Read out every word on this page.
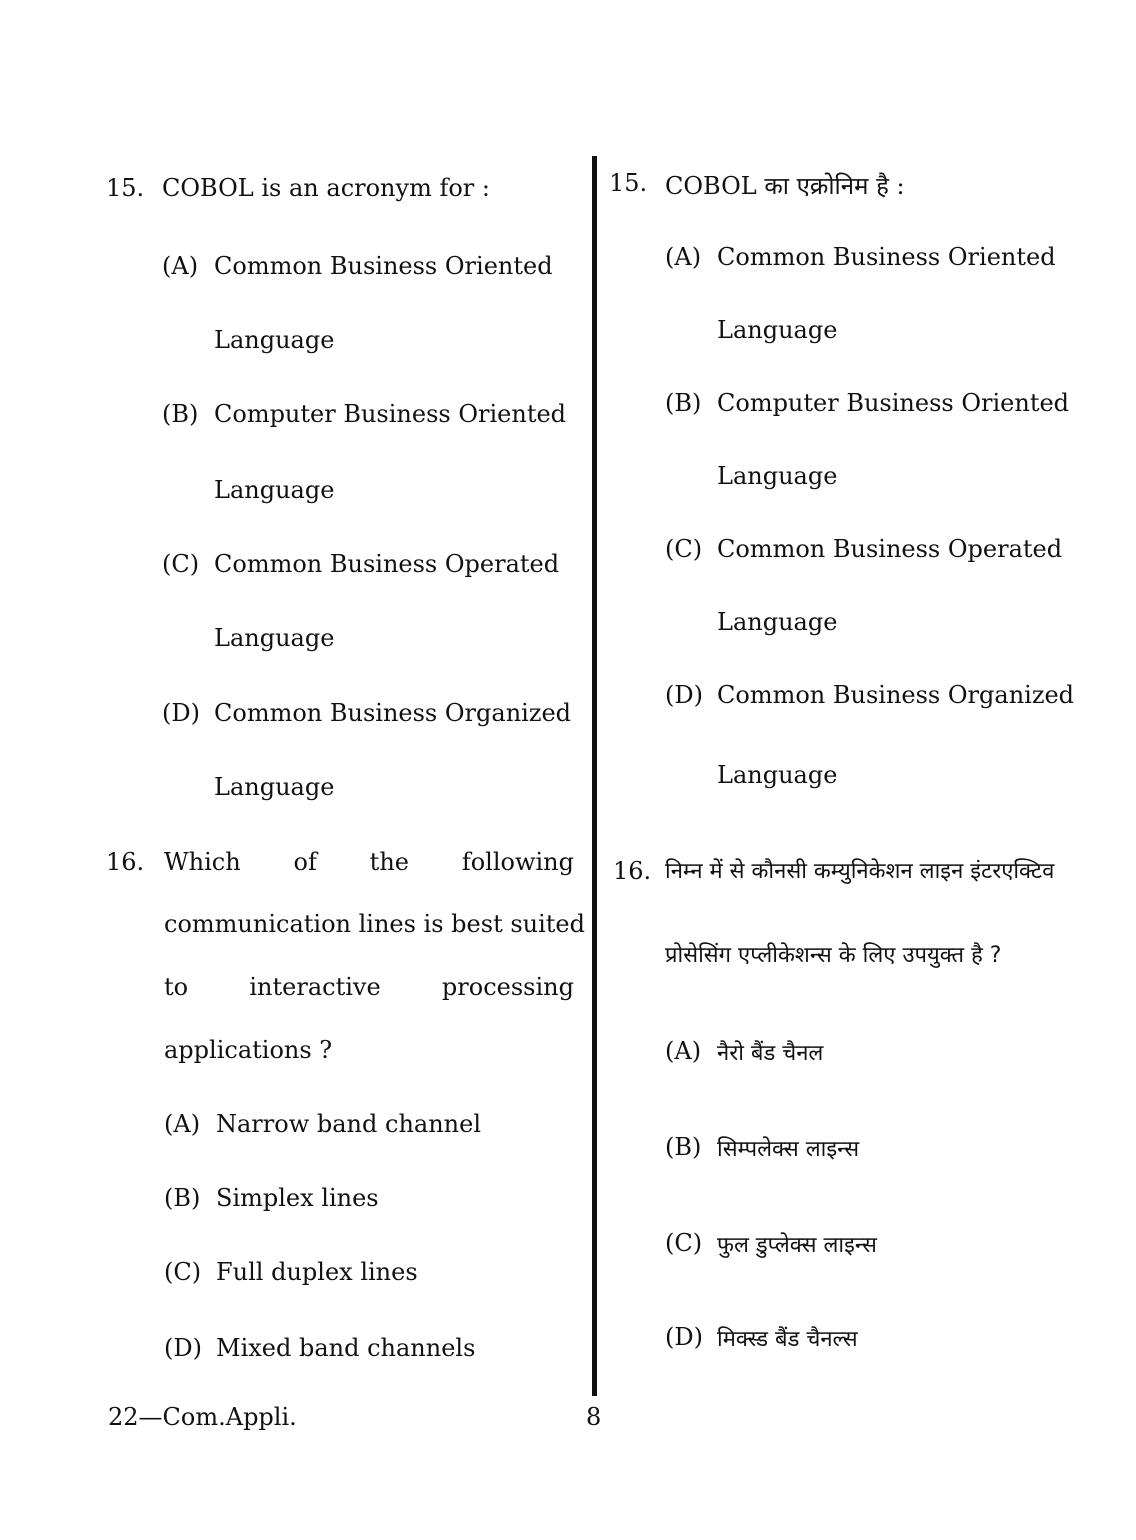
15. COBOL is an acronym for :
(A) Common Business Oriented
Language
(B) Computer Business Oriented
Language
(C) Common Business Operated
Language
(D) Common Business Organized
Language
16. Which of the following
communication lines is best suited
to interactive processing
applications ?
(A) Narrow band channel
(B) Simplex lines
(C) Full duplex lines
(D) Mixed band channels
15. COBOL का एक्रोनिम है :
(A) Common Business Oriented
Language
(B) Computer Business Oriented
Language
(C) Common Business Operated
Language
(D) Common Business Organized
Language
16. निम्न में से कौनसी कम्युनिकेशन लाइन इंटरएक्टिव
प्रोसेसिंग एप्लीकेशन्स के लिए उपयुक्त है ?
(A) नैरो बैंड चैनल
(B) सिम्पलेक्स लाइन्स
(C) फुल डुप्लेक्स लाइन्स
(D) मिक्स्ड बैंड चैनल्स
22—Com.Appli.	8
